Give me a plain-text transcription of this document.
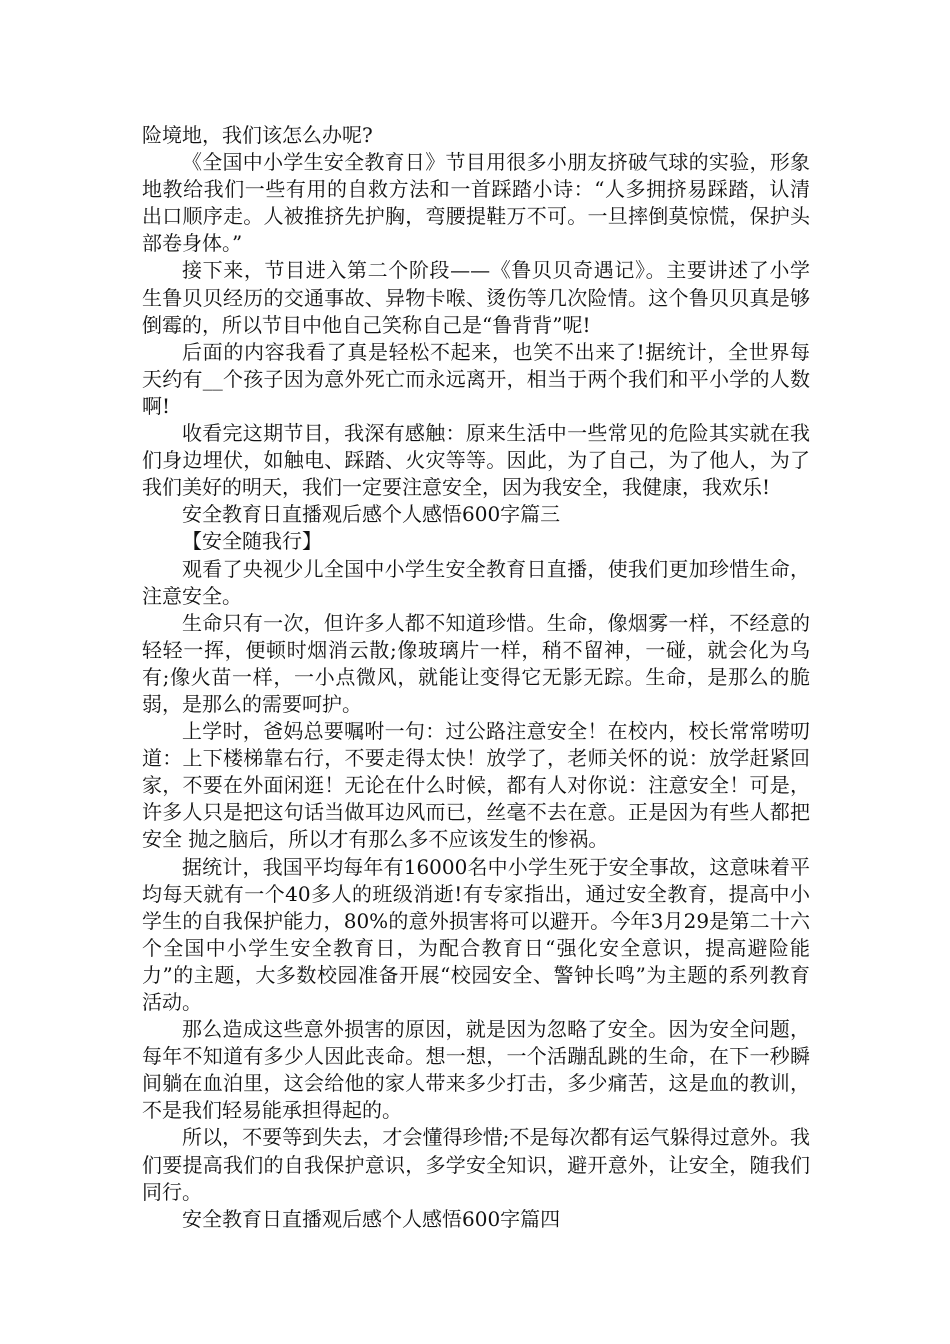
险境地，我们该怎么办呢?

《全国中小学生安全教育日》节目用很多小朋友挤破气球的实验，形象地教给我们一些有用的自救方法和一首踩踏小诗：“人多拥挤易踩踏，认清出口顺序走。人被推挤先护胸，弯腰提鞋万不可。一旦摔倒莫惊慌，保护头部卷身体。”

接下来，节目进入第二个阶段——《鲁贝贝奇遇记》。主要讲述了小学生鲁贝贝经历的交通事故、异物卡喉、烫伤等几次险情。这个鲁贝贝真是够倒霉的，所以节目中他自己笑称自己是“鲁背背”呢!

后面的内容我看了真是轻松不起来，也笑不出来了!据统计，全世界每天约有__个孩子因为意外死亡而永远离开，相当于两个我们和平小学的人数啊!

收看完这期节目，我深有感触：原来生活中一些常见的危险其实就在我们身边埋伏，如触电、踩踏、火灾等等。因此，为了自己，为了他人，为了我们美好的明天，我们一定要注意安全，因为我安全，我健康，我欢乐!

安全教育日直播观后感个人感悟600字篇三

【安全随我行】

观看了央视少儿全国中小学生安全教育日直播，使我们更加珍惜生命，注意安全。

生命只有一次，但许多人都不知道珍惜。生命，像烟雾一样，不经意的轻轻一挥，便顿时烟消云散;像玻璃片一样，稍不留神，一碰，就会化为乌有;像火苗一样，一小点微风，就能让变得它无影无踪。生命，是那么的脆弱，是那么的需要呵护。

上学时，爸妈总要嘱咐一句：过公路注意安全！在校内，校长常常唠叨道：上下楼梯靠右行，不要走得太快！放学了，老师关怀的说：放学赶紧回家，不要在外面闲逛！无论在什么时候，都有人对你说：注意安全！可是，许多人只是把这句话当做耳边风而已，丝毫不去在意。正是因为有些人都把 安全 抛之脑后，所以才有那么多不应该发生的惨祸。

据统计，我国平均每年有16000名中小学生死于安全事故，这意味着平均每天就有一个40多人的班级消逝!有专家指出，通过安全教育，提高中小学生的自我保护能力，80%的意外损害将可以避开。今年3月29是第二十六个全国中小学生安全教育日，为配合教育日“强化安全意识，提高避险能力”的主题，大多数校园准备开展“校园安全、警钟长鸣”为主题的系列教育活动。

那么造成这些意外损害的原因，就是因为忽略了安全。因为安全问题，每年不知道有多少人因此丧命。想一想，一个活蹦乱跳的生命，在下一秒瞬间躺在血泊里，这会给他的家人带来多少打击，多少痛苦，这是血的教训，不是我们轻易能承担得起的。

所以，不要等到失去，才会懂得珍惜;不是每次都有运气躲得过意外。我们要提高我们的自我保护意识，多学安全知识，避开意外，让安全，随我们同行。

安全教育日直播观后感个人感悟600字篇四
